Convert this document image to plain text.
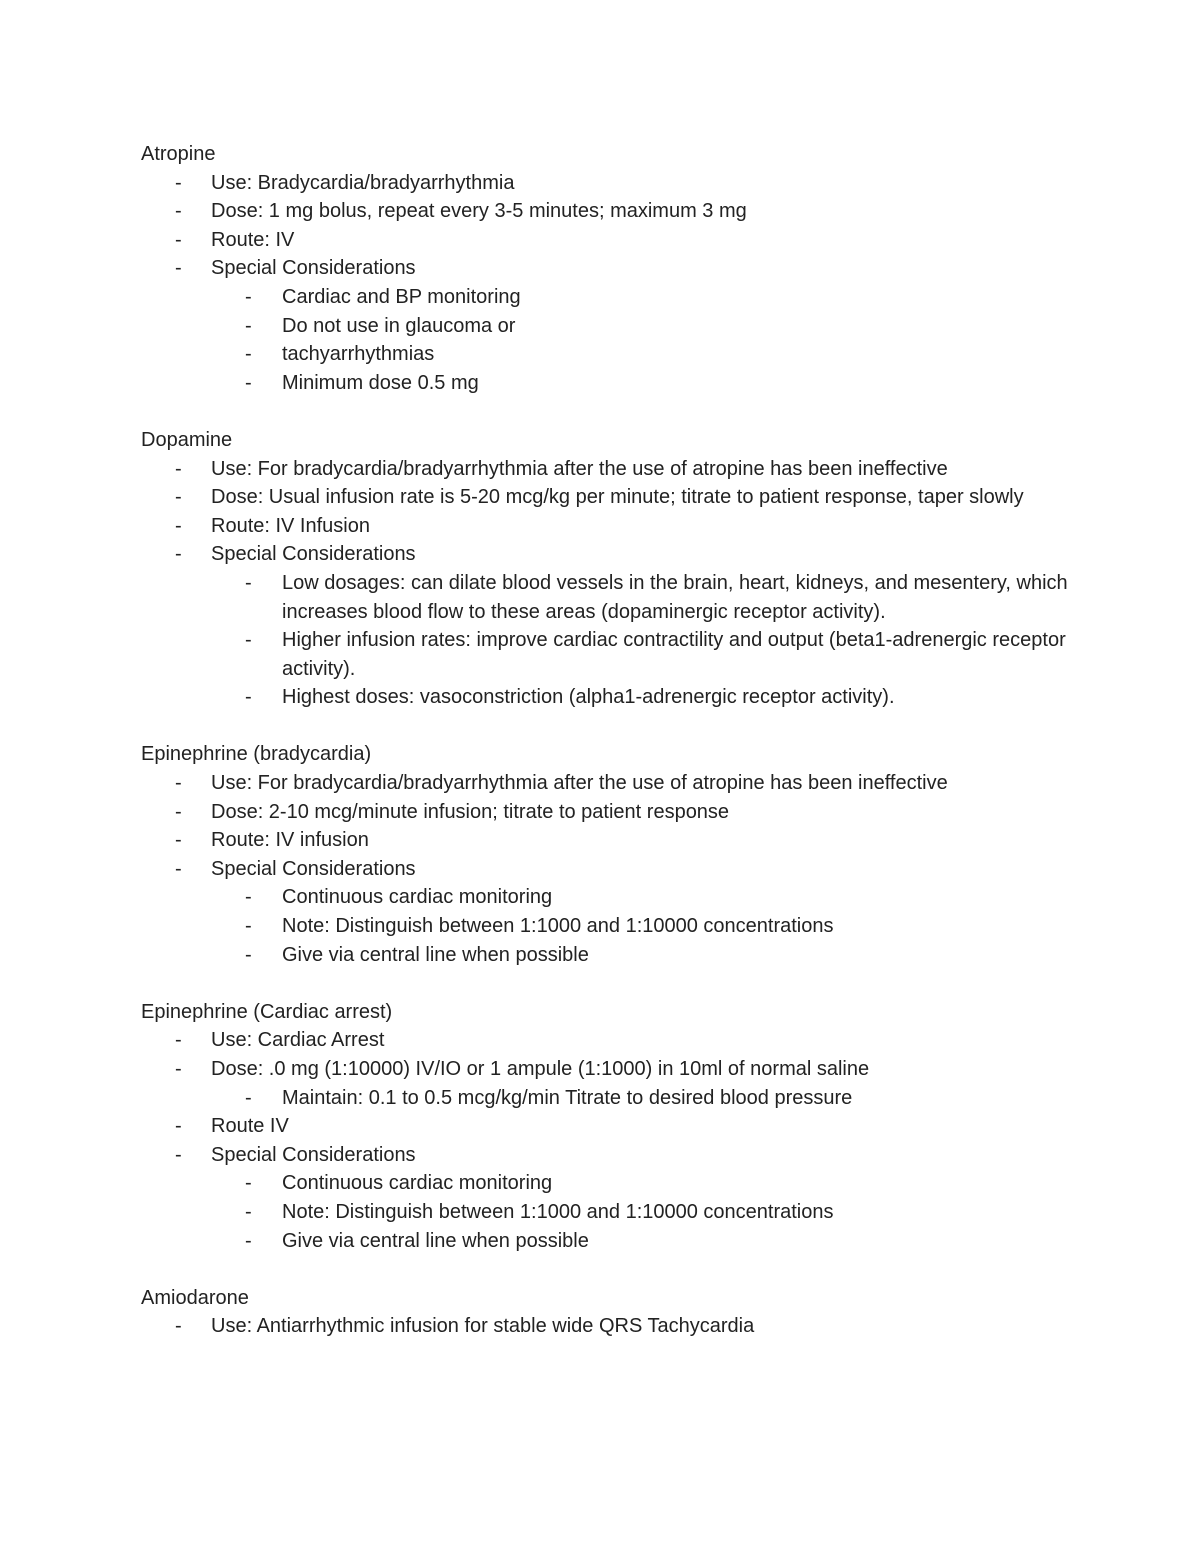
Atropine
- Use: Bradycardia/bradyarrhythmia
- Dose: 1 mg bolus, repeat every 3-5 minutes; maximum 3 mg
- Route: IV
- Special Considerations
- Cardiac and BP monitoring
- Do not use in glaucoma or
- tachyarrhythmias
- Minimum dose 0.5 mg
Dopamine
- Use: For bradycardia/bradyarrhythmia after the use of atropine has been ineffective
- Dose: Usual infusion rate is 5-20 mcg/kg per minute; titrate to patient response, taper slowly
- Route: IV Infusion
- Special Considerations
- Low dosages: can dilate blood vessels in the brain, heart, kidneys, and mesentery, which increases blood flow to these areas (dopaminergic receptor activity).
- Higher infusion rates: improve cardiac contractility and output (beta1-adrenergic receptor activity).
- Highest doses: vasoconstriction (alpha1-adrenergic receptor activity).
Epinephrine (bradycardia)
- Use: For bradycardia/bradyarrhythmia after the use of atropine has been ineffective
- Dose: 2-10 mcg/minute infusion; titrate to patient response
- Route: IV infusion
- Special Considerations
- Continuous cardiac monitoring
- Note: Distinguish between 1:1000 and 1:10000 concentrations
- Give via central line when possible
Epinephrine (Cardiac arrest)
- Use: Cardiac Arrest
- Dose: .0 mg (1:10000) IV/IO or 1 ampule (1:1000) in 10ml of normal saline
- Maintain: 0.1 to 0.5 mcg/kg/min Titrate to desired blood pressure
- Route IV
- Special Considerations
- Continuous cardiac monitoring
- Note: Distinguish between 1:1000 and 1:10000 concentrations
- Give via central line when possible
Amiodarone
- Use: Antiarrhythmic infusion for stable wide QRS Tachycardia
